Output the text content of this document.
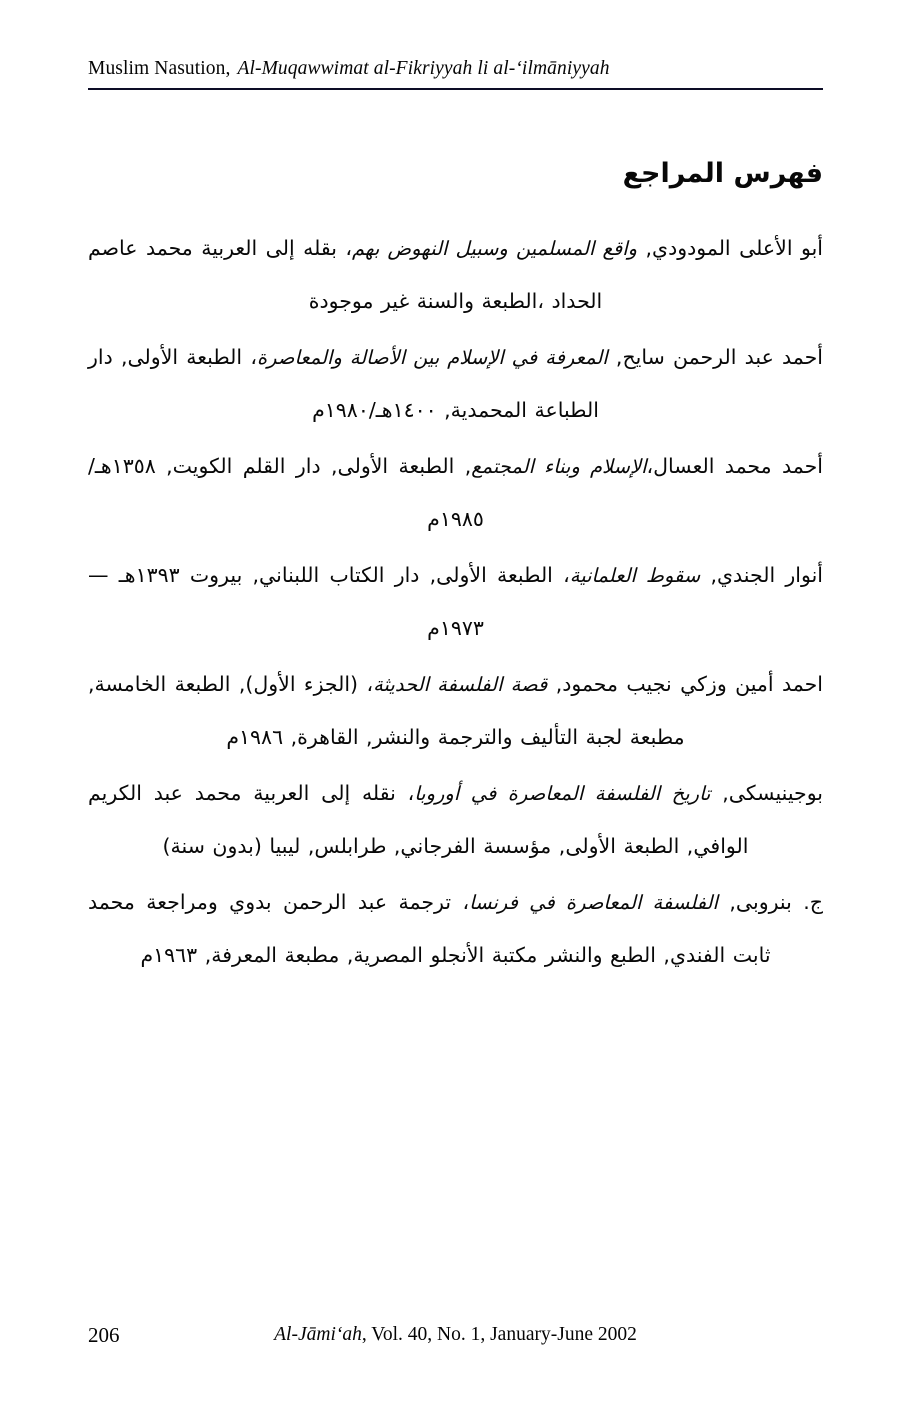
Muslim Nasution, Al-Muqawwimat al-Fikriyyah li al-‘ilmāniyyah
فهرس المراجع

أبو الأعلى المودودي, واقع المسلمين وسبيل النهوض بهم، بقله إلى العربية محمد عاصم الحداد ،الطبعة والسنة غير موجودة

أحمد عبد الرحمن سايح, المعرفة في الإسلام بين الأصالة والمعاصرة، الطبعة الأولى, دار الطباعة المحمدية, ١٤٠٠هـ/١٩٨٠م

أحمد محمد العسال،الإسلام وبناء المجتمع, الطبعة الأولى, دار القلم الكويت, ١٣٥٨هـ/١٩٨٥م

أنوار الجندي, سقوط العلمانية، الطبعة الأولى, دار الكتاب اللبناني, بيروت ١٣٩٣هـ — ١٩٧٣م

احمد أمين وزكي نجيب محمود, قصة الفلسفة الحديثة، (الجزء الأول), الطبعة الخامسة, مطبعة لجبة التأليف والترجمة والنشر, القاهرة, ١٩٨٦م

بوجينيسكى, تاريخ الفلسفة المعاصرة في أوروبا، نقله إلى العربية محمد عبد الكريم الوافي, الطبعة الأولى, مؤسسة الفرجاني, طرابلس, ليبيا (بدون سنة)

ج. بنروبى, الفلسفة المعاصرة في فرنسا، ترجمة عبد الرحمن بدوي ومراجعة محمد ثابت الفندي, الطبع والنشر مكتبة الأنجلو المصرية, مطبعة المعرفة, ١٩٦٣م

206	Al-Jāmi‘ah, Vol. 40, No. 1, January-June 2002
